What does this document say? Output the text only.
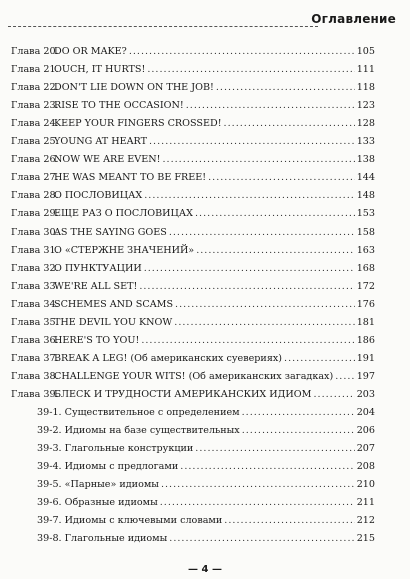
Оглавление
Глава 20.DO OR MAKE? .....	105
Глава 21.OUCH, IT HURTS! .....	111
Глава 22.DON'T LIE DOWN ON THE JOB! .....	118
Глава 23.RISE TO THE OCCASION! .....	123
Глава 24.KEEP YOUR FINGERS CROSSED! .....	128
Глава 25.YOUNG AT HEART .....	133
Глава 26.NOW WE ARE EVEN! .....	138
Глава 27.HE WAS MEANT TO BE FREE! .....	144
Глава 28.О ПОСЛОВИЦАХ .....	148
Глава 29.ЕЩЕ РАЗ О ПОСЛОВИЦАХ .....	153
Глава 30.AS THE SAYING GOES .....	158
Глава 31.О «СТЕРЖНЕ ЗНАЧЕНИЙ» .....	163
Глава 32.О ПУНКТУАЦИИ .....	168
Глава 33.WE'RE ALL SET! .....	172
Глава 34.SCHEMES AND SCAMS .....	176
Глава 35.THE DEVIL YOU KNOW .....	181
Глава 36.HERE'S TO YOU! .....	186
Глава 37.BREAK A LEG! (Об американских суевериях) .....	191
Глава 38.CHALLENGE YOUR WITS! (Об американских загадках) ..... 197
Глава 39.БЛЕСК И ТРУДНОСТИ АМЕРИКАНСКИХ ИДИОМ .....	203
39-1. Существительное с определением .....	204
39-2. Идиомы на базе существительных .....	206
39-3. Глагольные конструкции .....	207
39-4. Идиомы с предлогами .....	208
39-5. «Парные» идиомы .....	210
39-6. Образные идиомы .....	211
39-7. Идиомы с ключевыми словами .....	212
39-8. Глагольные идиомы .....	215
— 4 —
